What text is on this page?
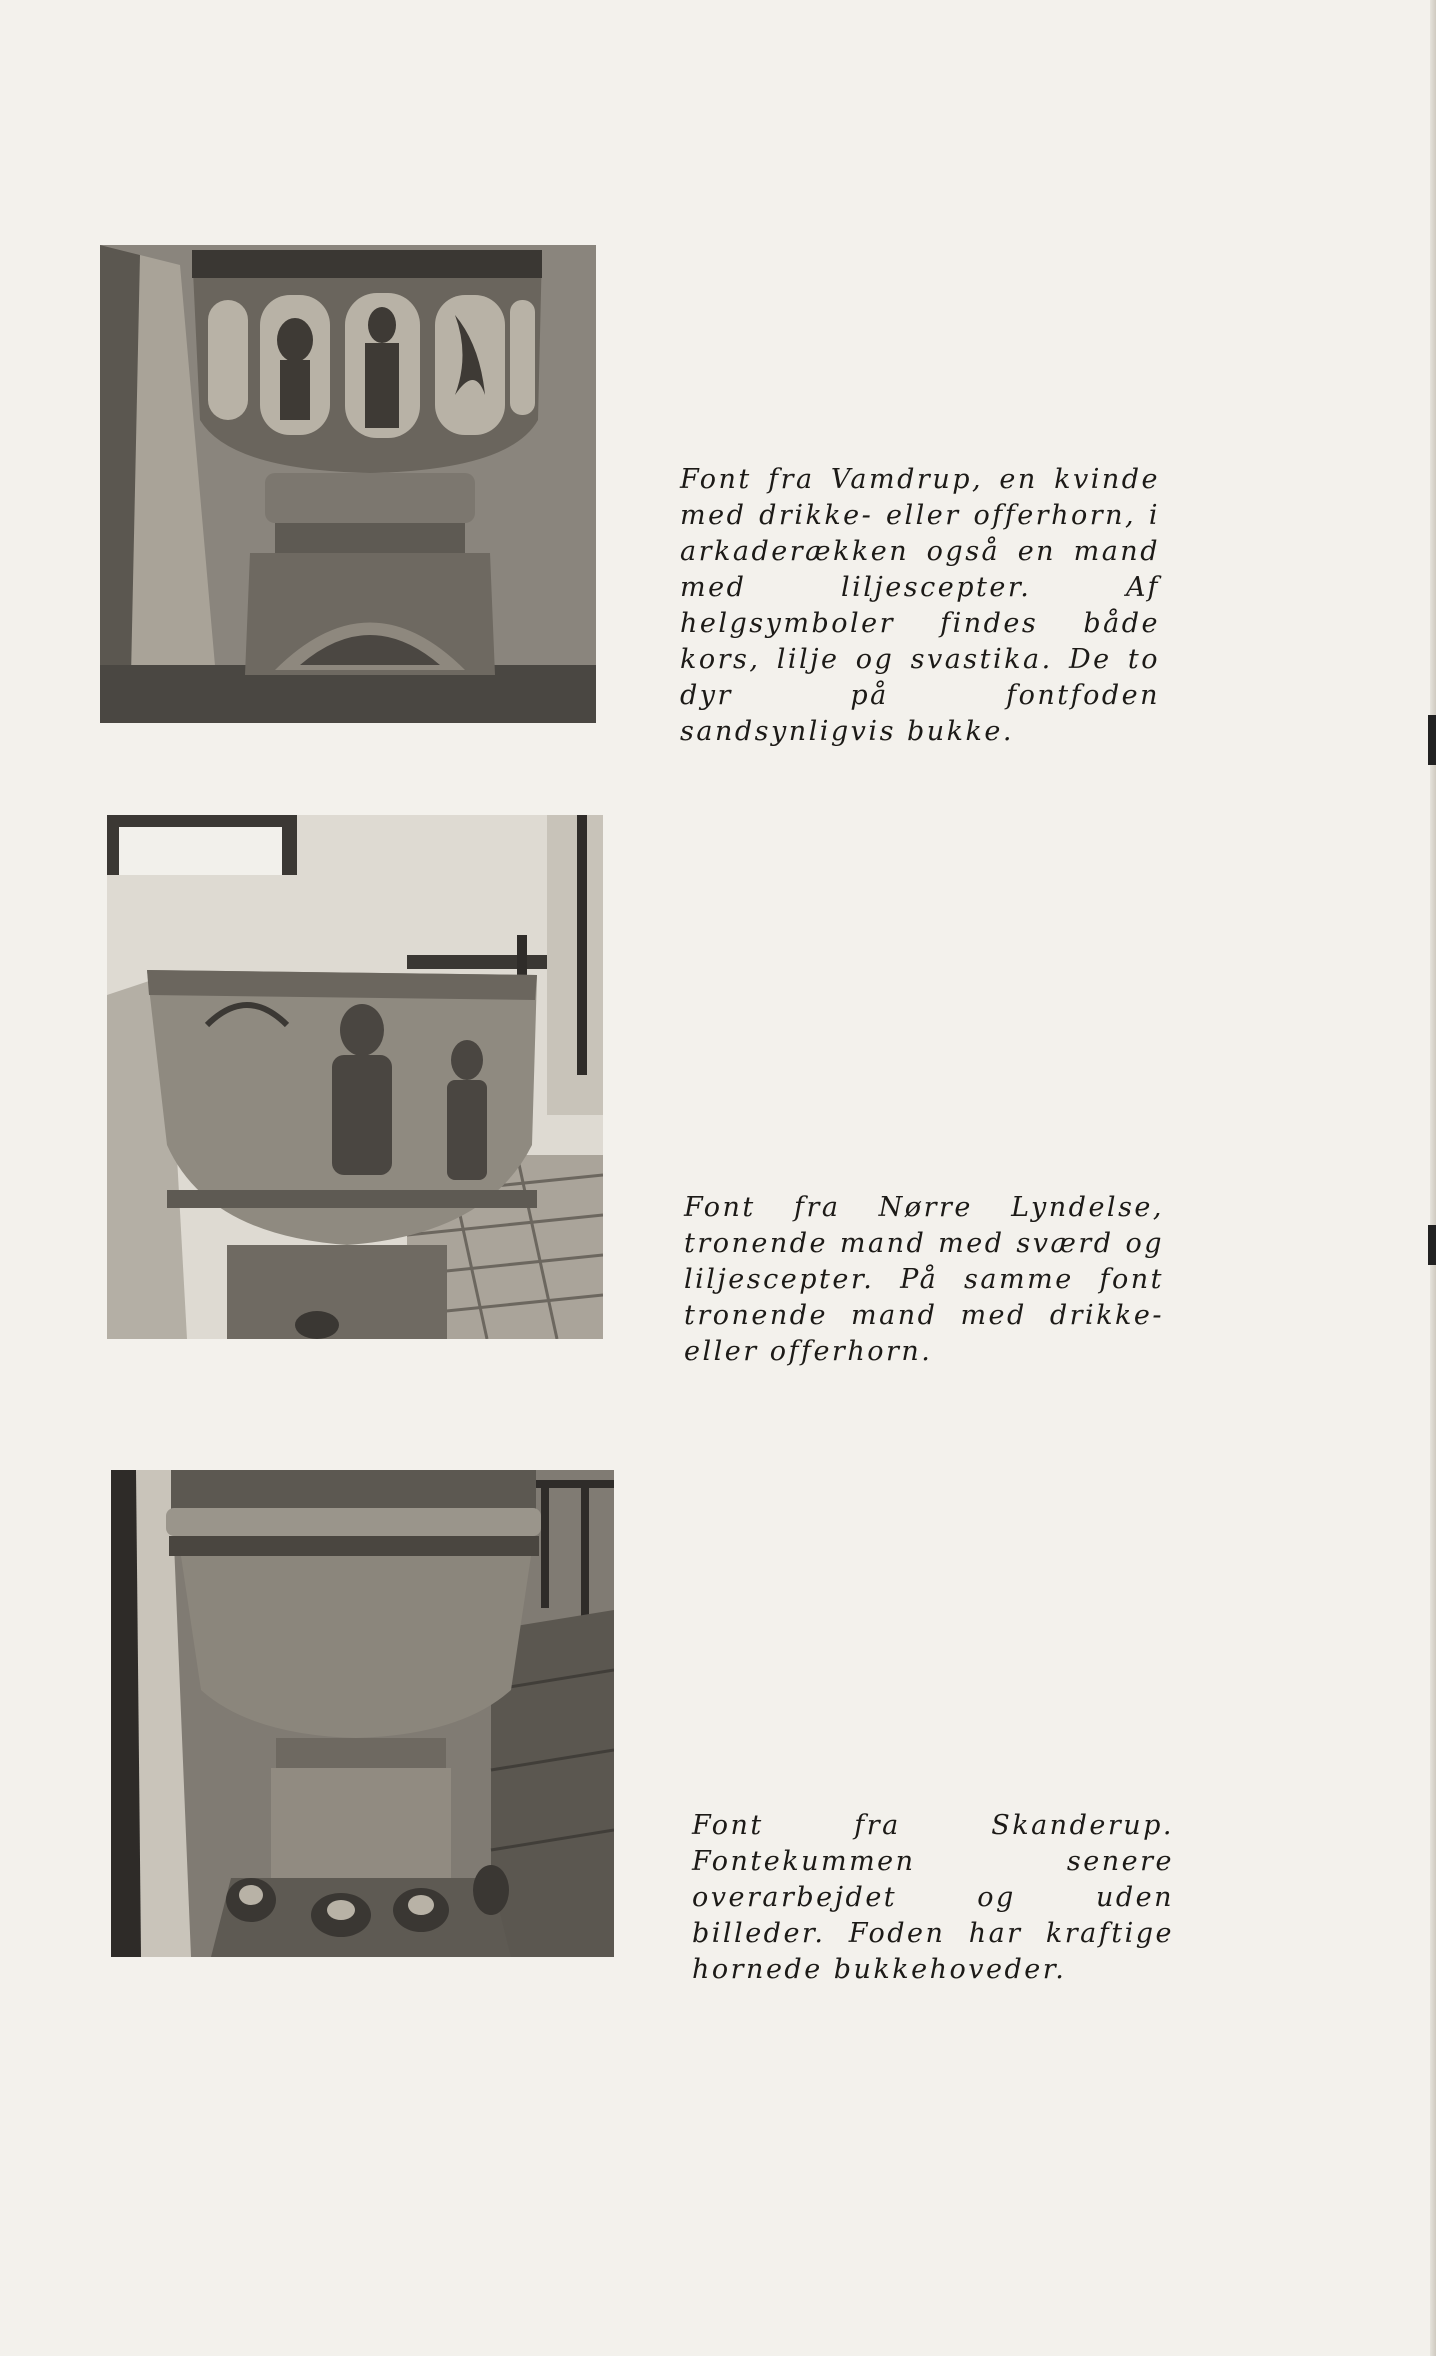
Font fra Vamdrup, en kvinde med drikke- eller offerhorn, i arkaderækken også en mand med liljescepter. Af helgsymboler findes både kors, lilje og svastika. De to dyr på fontfoden sandsynligvis bukke.

Font fra Nørre Lyndelse, tronende mand med sværd og liljescepter. På samme font tronende mand med drikke- eller offerhorn.

Font fra Skanderup. Fontekummen senere overarbejdet og uden billeder. Foden har kraftige hornede bukkehoveder.
